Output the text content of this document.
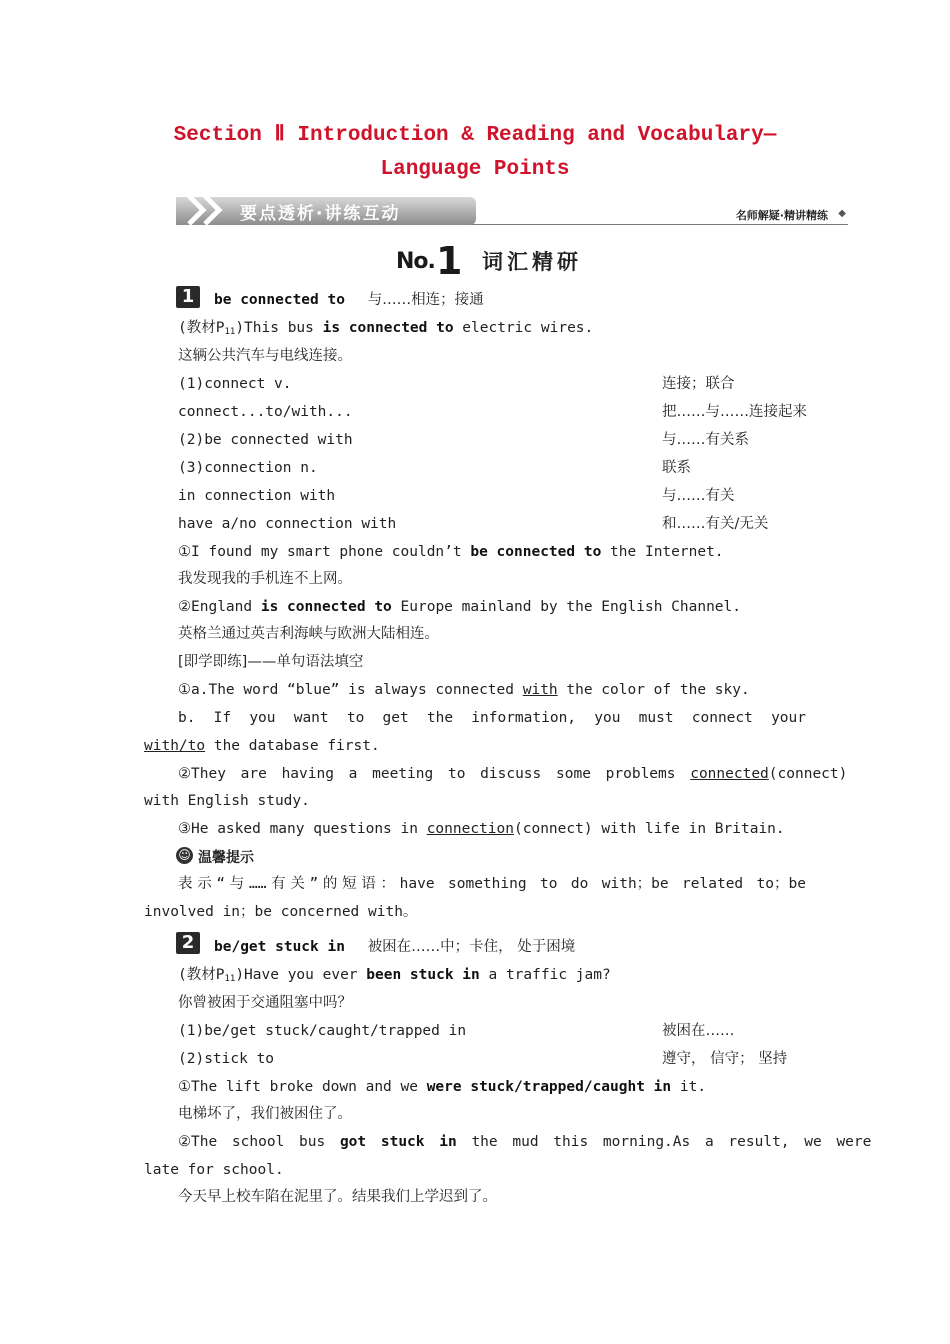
Section Ⅱ Introduction & Reading and Vocabulary—
Language Points
要点透析·讲练互动	名师解疑·精讲精练 ◆
No. 1 词汇精研
1	be connected to 与……相连；接通
(教材$P_{11})This$ bus is connected to electric wires.
这辆公共汽车与电线连接。
(1)connect v.	连接；联合
connect...to/with...	把……与……连接起来
(2)be connected with	与……有关系
(3)connection n.	联系
in connection with	与……有关
have a/no connection with	和……有关/无关
①I found my smart phone couldn’t be connected to the Internet.
我发现我的手机连不上网。
②England is connected to Europe mainland by the English Channel.
英格兰通过英吉利海峡与欧洲大陆相连。
[即学即练]——单句语法填空
①a.The word “blue” is always connected with the color of the sky.
b. If you want to get the information, you must connect your
with/to the database first.
②They are having a meeting to discuss some problems connected(connect)
with English study.
③He asked many questions in connection(connect) with life in Britain.
☺ 温馨提示
表示“与……有关”的短语：have something to do with；be related to；be
involved in；be concerned with。
2	be/get stuck in 被困在……中；卡住， 处于困境
(教材$P_{11})Have$ you ever been stuck in a traffic jam?
你曾被困于交通阻塞中吗？
(1)be/get stuck/caught/trapped in	被困在……
(2)stick to	遵守， 信守； 坚持
①The lift broke down and we were stuck/trapped/caught in it.
电梯坏了，我们被困住了。
②The school bus got stuck in the mud this morning.As a result, we were
late for school.
今天早上校车陷在泥里了。结果我们上学迟到了。
